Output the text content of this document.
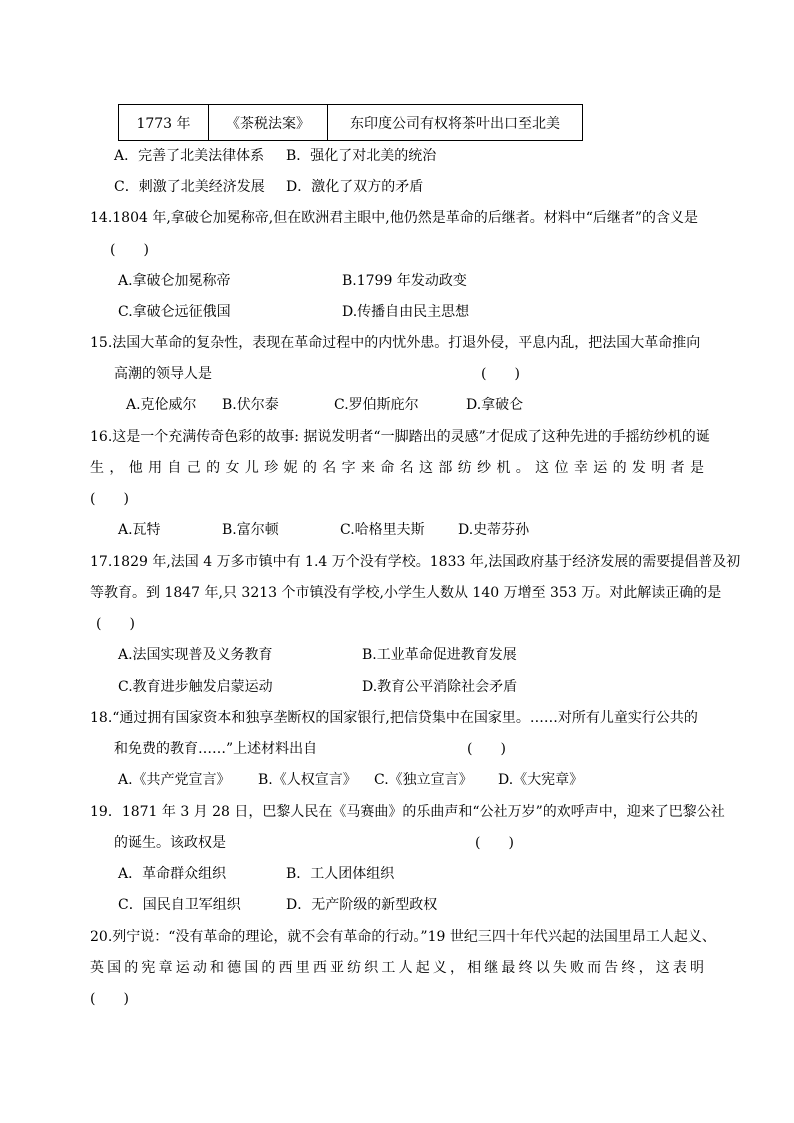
1773 年	《茶税法案》	东印度公司有权将茶叶出口至北美
A．完善了北美法律体系 B．强化了对北美的统治
C．刺激了北美经济发展 D．激化了双方的矛盾
14.1804 年,拿破仑加冕称帝,但在欧洲君主眼中,他仍然是革命的后继者。材料中“后继者”的含义是
(　　)
A.拿破仑加冕称帝	B.1799 年发动政变
C.拿破仑远征俄国	D.传播自由民主思想
15.法国大革命的复杂性，表现在革命过程中的内忧外患。打退外侵，平息内乱，把法国大革命推向
高潮的领导人是	(　　)
A.克伦威尔 B.伏尔泰	C.罗伯斯庇尔	D.拿破仑
16.这是一个充满传奇色彩的故事: 据说发明者“一脚踏出的灵感”才促成了这种先进的手摇纺纱机的诞
生，他用自己的女儿珍妮的名字来命名这部纺纱机。这位幸运的发明者是
(　　)
A.瓦特	B.富尔顿	C.哈格里夫斯 D.史蒂芬孙
17.1829 年,法国 4 万多市镇中有 1.4 万个没有学校。1833 年,法国政府基于经济发展的需要提倡普及初
等教育。到 1847 年,只 3213 个市镇没有学校,小学生人数从 140 万增至 353 万。对此解读正确的是
(　　)
A.法国实现普及义务教育	B.工业革命促进教育发展
C.教育进步触发启蒙运动	D.教育公平消除社会矛盾
18.“通过拥有国家资本和独享垄断权的国家银行,把信贷集中在国家里。……对所有儿童实行公共的
和免费的教育……”上述材料出自	(　　)
A.《共产党宣言》 B.《人权宣言》 C.《独立宣言》 D.《大宪章》
19．1871 年 3 月 28 日，巴黎人民在《马赛曲》的乐曲声和“公社万岁”的欢呼声中，迎来了巴黎公社
的诞生。该政权是	(　　)
A．革命群众组织	B．工人团体组织
C．国民自卫军组织	D．无产阶级的新型政权
20.列宁说：“没有革命的理论，就不会有革命的行动。”19 世纪三四十年代兴起的法国里昂工人起义、
英国的宪章运动和德国的西里西亚纺织工人起义，相继最终以失败而告终，这表明
(　　)
